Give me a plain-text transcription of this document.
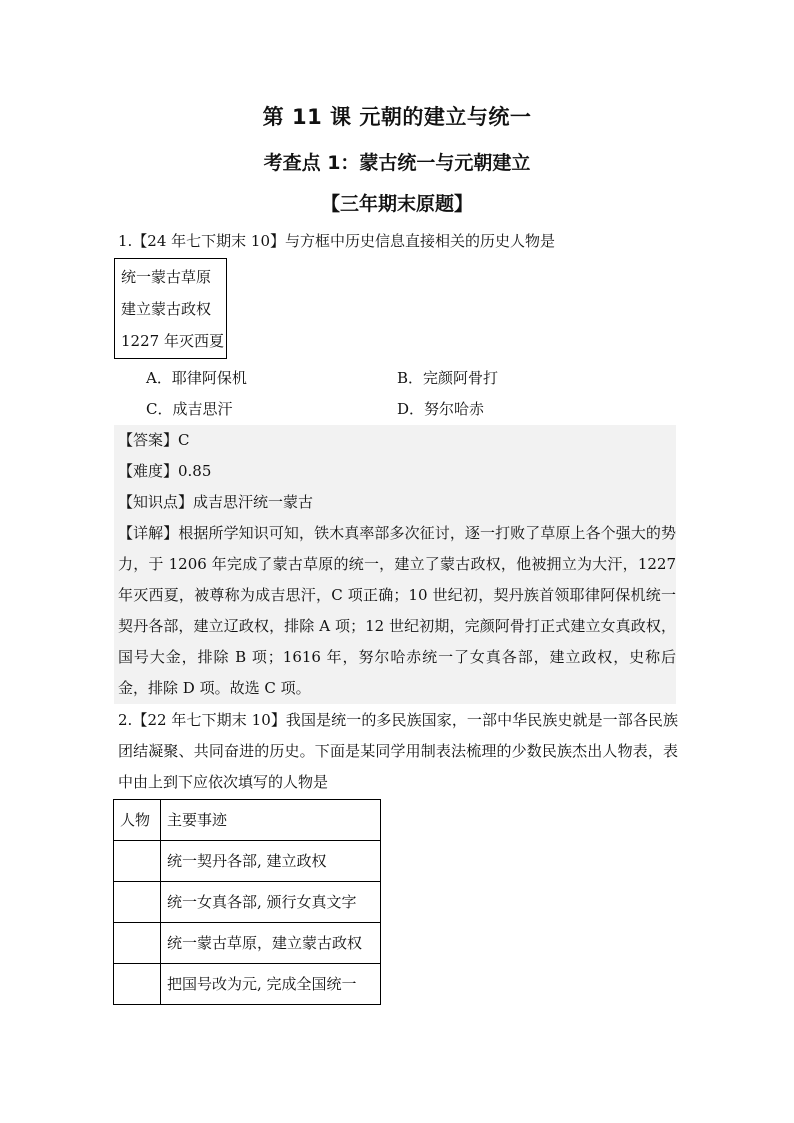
第 11 课 元朝的建立与统一
考查点 1：蒙古统一与元朝建立
【三年期末原题】
1.【24 年七下期末 10】与方框中历史信息直接相关的历史人物是
统一蒙古草原
建立蒙古政权
1227 年灭西夏
A．耶律阿保机	B．完颜阿骨打
C．成吉思汗	D．努尔哈赤
【答案】C
【难度】0.85
【知识点】成吉思汗统一蒙古
【详解】根据所学知识可知，铁木真率部多次征讨，逐一打败了草原上各个强大的势力，于 1206 年完成了蒙古草原的统一，建立了蒙古政权，他被拥立为大汗，1227 年灭西夏，被尊称为成吉思汗，C 项正确；10 世纪初，契丹族首领耶律阿保机统一契丹各部，建立辽政权，排除 A 项；12 世纪初期，完颜阿骨打正式建立女真政权，国号大金，排除 B 项；1616 年，努尔哈赤统一了女真各部，建立政权，史称后金，排除 D 项。故选 C 项。
2.【22 年七下期末 10】我国是统一的多民族国家，一部中华民族史就是一部各民族团结凝聚、共同奋进的历史。下面是某同学用制表法梳理的少数民族杰出人物表，表中由上到下应依次填写的人物是
人物	主要事迹
	统一契丹各部, 建立政权
	统一女真各部, 颁行女真文字
	统一蒙古草原，建立蒙古政权
	把国号改为元, 完成全国统一
